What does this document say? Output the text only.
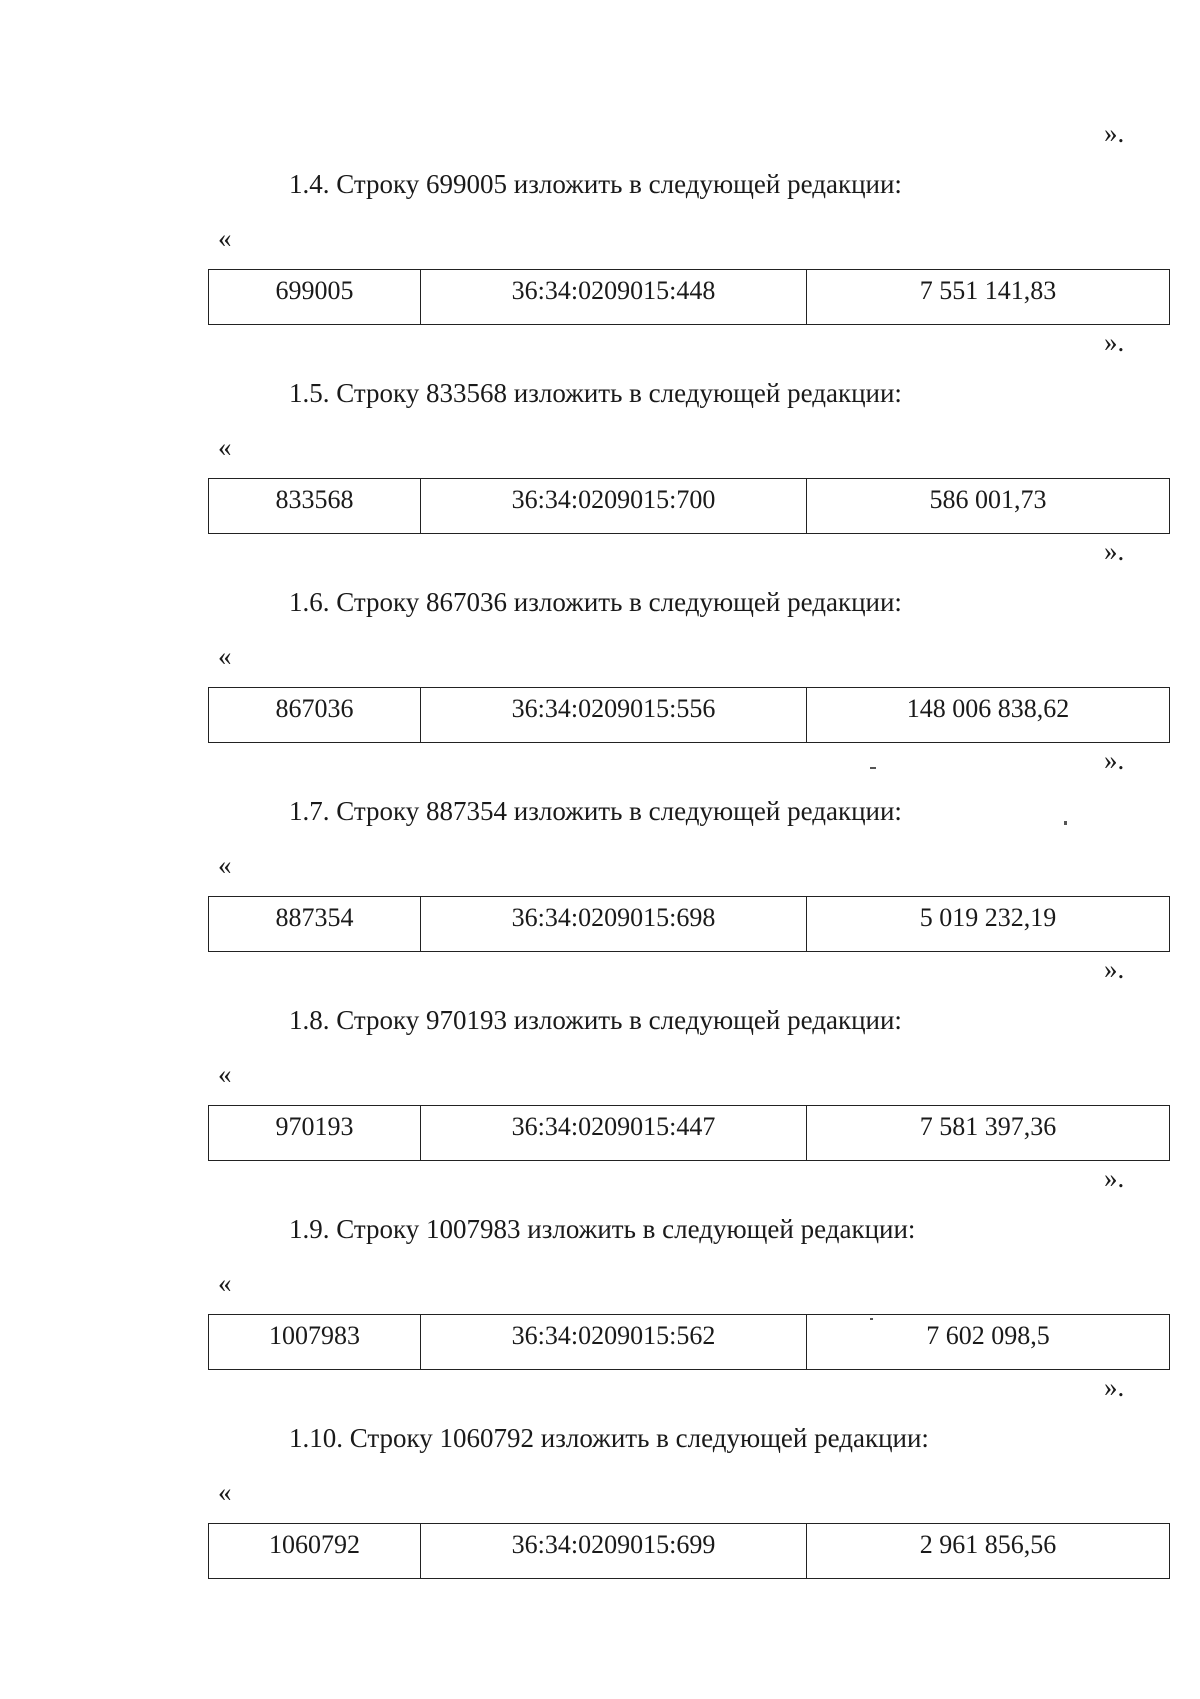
».
1.4. Строку 699005 изложить в следующей редакции:
«
699005	36:34:0209015:448	7 551 141,83
».
1.5. Строку 833568 изложить в следующей редакции:
«
833568	36:34:0209015:700	586 001,73
».
1.6. Строку 867036 изложить в следующей редакции:
«
867036	36:34:0209015:556	148 006 838,62
».
1.7. Строку 887354 изложить в следующей редакции:
«
887354	36:34:0209015:698	5 019 232,19
».
1.8. Строку 970193 изложить в следующей редакции:
«
970193	36:34:0209015:447	7 581 397,36
».
1.9. Строку 1007983 изложить в следующей редакции:
«
1007983	36:34:0209015:562	7 602 098,5
».
1.10. Строку 1060792 изложить в следующей редакции:
«
1060792	36:34:0209015:699	2 961 856,56
